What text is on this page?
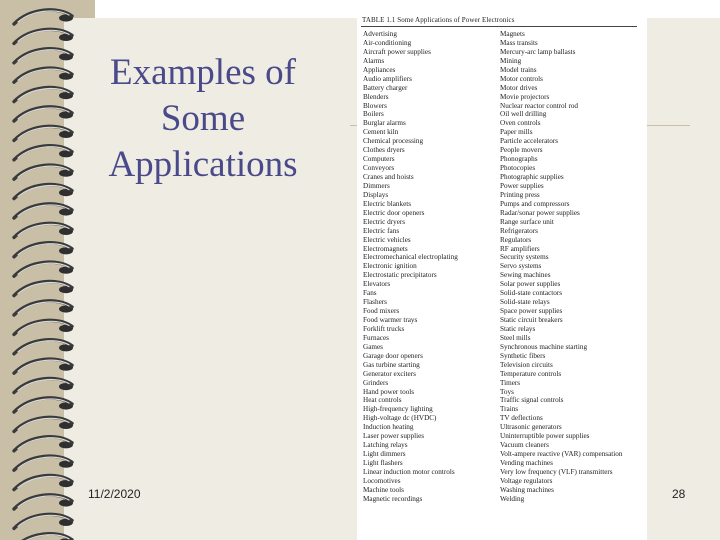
Examples of
Some
Applications
TABLE 1.1 Some Applications of Power Electronics
Advertising
Air-conditioning
Aircraft power supplies
Alarms
Appliances
Audio amplifiers
Battery charger
Blenders
Blowers
Boilers
Burglar alarms
Cement kiln
Chemical processing
Clothes dryers
Computers
Conveyors
Cranes and hoists
Dimmers
Displays
Electric blankets
Electric door openers
Electric dryers
Electric fans
Electric vehicles
Electromagnets
Electromechanical electroplating
Electronic ignition
Electrostatic precipitators
Elevators
Fans
Flashers
Food mixers
Food warmer trays
Forklift trucks
Furnaces
Games
Garage door openers
Gas turbine starting
Generator exciters
Grinders
Hand power tools
Heat controls
High-frequency lighting
High-voltage dc (HVDC)
Induction heating
Laser power supplies
Latching relays
Light dimmers
Light flashers
Linear induction motor controls
Locomotives
Machine tools
Magnetic recordings
Magnets
Mass transits
Mercury-arc lamp ballasts
Mining
Model trains
Motor controls
Motor drives
Movie projectors
Nuclear reactor control rod
Oil well drilling
Oven controls
Paper mills
Particle accelerators
People movers
Phonographs
Photocopies
Photographic supplies
Power supplies
Printing press
Pumps and compressors
Radar/sonar power supplies
Range surface unit
Refrigerators
Regulators
RF amplifiers
Security systems
Servo systems
Sewing machines
Solar power supplies
Solid-state contactors
Solid-state relays
Space power supplies
Static circuit breakers
Static relays
Steel mills
Synchronous machine starting
Synthetic fibers
Television circuits
Temperature controls
Timers
Toys
Traffic signal controls
Trains
TV deflections
Ultrasonic generators
Uninterruptible power supplies
Vacuum cleaners
Volt-ampere reactive (VAR) compensation
Vending machines
Very low frequency (VLF) transmitters
Voltage regulators
Washing machines
Welding
11/2/2020	28
